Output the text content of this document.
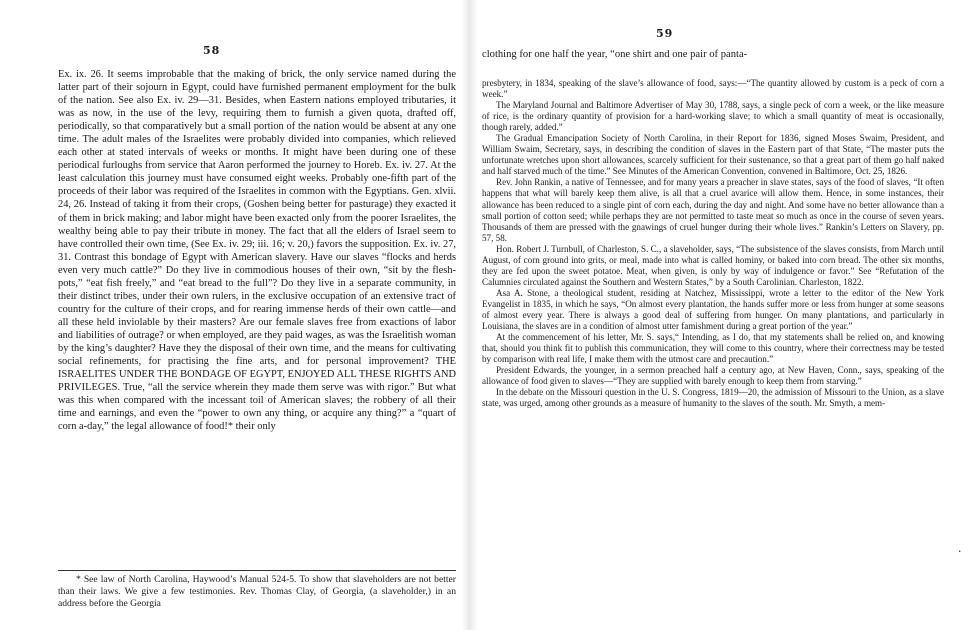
58

Ex. ix. 26. It seems improbable that the making of brick, the only service named during the latter part of their sojourn in Egypt, could have furnished permanent employment for the bulk of the nation. See also Ex. iv. 29—31. Besides, when Eastern nations employed tributaries, it was as now, in the use of the levy, requiring them to furnish a given quota, drafted off, periodically, so that comparatively but a small portion of the nation would be absent at any one time. The adult males of the Israelites were probably divided into companies, which relieved each other at stated intervals of weeks or months. It might have been during one of these periodical furloughs from service that Aaron performed the journey to Horeb. Ex. iv. 27. At the least calculation this journey must have consumed eight weeks. Probably one-fifth part of the proceeds of their labor was required of the Israelites in common with the Egyptians. Gen. xlvii. 24, 26. Instead of taking it from their crops, (Goshen being better for pasturage) they exacted it of them in brick making; and labor might have been exacted only from the poorer Israelites, the wealthy being able to pay their tribute in money. The fact that all the elders of Israel seem to have controlled their own time, (See Ex. iv. 29; iii. 16; v. 20,) favors the supposition. Ex. iv. 27, 31. Contrast this bondage of Egypt with American slavery. Have our slaves “flocks and herds even very much cattle?” Do they live in commodious houses of their own, “sit by the flesh-pots,” “eat fish freely,” and “eat bread to the full”? Do they live in a separate community, in their distinct tribes, under their own rulers, in the exclusive occupation of an extensive tract of country for the culture of their crops, and for rearing immense herds of their own cattle—and all these held inviolable by their masters? Are our female slaves free from exactions of labor and liabilities of outrage? or when employed, are they paid wages, as was the Israelitish woman by the king’s daughter? Have they the disposal of their own time, and the means for cultivating social refinements, for practising the fine arts, and for personal improvement? THE ISRAELITES UNDER THE BONDAGE OF EGYPT, ENJOYED ALL THESE RIGHTS AND PRIVILEGES. True, “all the service wherein they made them serve was with rigor.” But what was this when compared with the incessant toil of American slaves; the robbery of all their time and earnings, and even the “power to own any thing, or acquire any thing?” a “quart of corn a-day,” the legal allowance of food!* their only

* See law of North Carolina, Haywood’s Manual 524-5. To show that slaveholders are not better than their laws. We give a few testimonies. Rev. Thomas Clay, of Georgia, (a slaveholder,) in an address before the Georgia

59
clothing for one half the year, “one shirt and one pair of panta-

presbytery, in 1834, speaking of the slave’s allowance of food, says:—“The quantity allowed by custom is a peck of corn a week.”

The Maryland Journal and Baltimore Advertiser of May 30, 1788, says, a single peck of corn a week, or the like measure of rice, is the ordinary quantity of provision for a hard-working slave; to which a small quantity of meat is occasionally, though rarely, added.”

The Gradual Emancipation Society of North Carolina, in their Report for 1836, signed Moses Swaim, President, and William Swaim, Secretary, says, in describing the condition of slaves in the Eastern part of that State, “The master puts the unfortunate wretches upon short allowances, scarcely sufficient for their sustenance, so that a great part of them go half naked and half starved much of the time.” See Minutes of the American Convention, convened in Baltimore, Oct. 25, 1826.

Rev. John Rankin, a native of Tennessee, and for many years a preacher in slave states, says of the food of slaves, “It often happens that what will barely keep them alive, is all that a cruel avarice will allow them. Hence, in some instances, their allowance has been reduced to a single pint of corn each, during the day and night. And some have no better allowance than a small portion of cotton seed; while perhaps they are not permitted to taste meat so much as once in the course of seven years. Thousands of them are pressed with the gnawings of cruel hunger during their whole lives.” Rankin’s Letters on Slavery, pp. 57, 58.

Hon. Robert J. Turnbull, of Charleston, S. C., a slaveholder, says, “The subsistence of the slaves consists, from March until August, of corn ground into grits, or meal, made into what is called hominy, or baked into corn bread. The other six months, they are fed upon the sweet potatoe. Meat, when given, is only by way of indulgence or favor.” See “Refutation of the Calumnies circulated against the Southern and Western States,” by a South Carolinian. Charleston, 1822.

Asa A. Stone, a theological student, residing at Natchez, Mississippi, wrote a letter to the editor of the New York Evangelist in 1835, in which he says, “On almost every plantation, the hands suffer more or less from hunger at some seasons of almost every year. There is always a good deal of suffering from hunger. On many plantations, and particularly in Louisiana, the slaves are in a condition of almost utter famishment during a great portion of the year.”

At the commencement of his letter, Mr. S. says,“ Intending, as I do, that my statements shall be relied on, and knowing that, should you think fit to publish this communication, they will come to this country, where their correctness may be tested by comparison with real life, I make them with the utmost care and precaution.”

President Edwards, the younger, in a sermon preached half a century ago, at New Haven, Conn., says, speaking of the allowance of food given to slaves—“They are supplied with barely enough to keep them from starving.”

In the debate on the Missouri question in the U. S. Congress, 1819—20, the admission of Missouri to the Union, as a slave state, was urged, among other grounds as a measure of humanity to the slaves of the south. Mr. Smyth, a mem-

·
